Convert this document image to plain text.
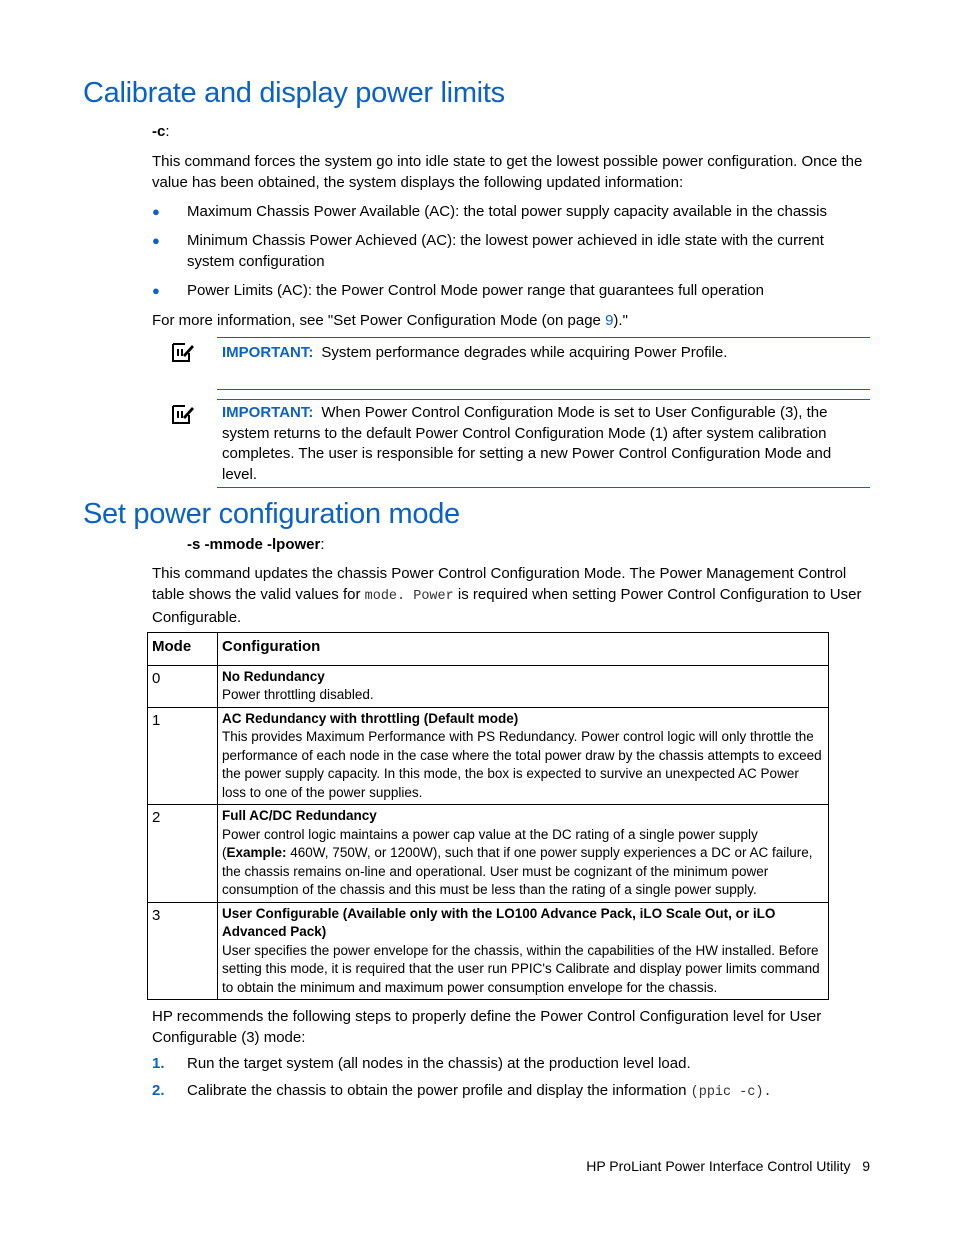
Calibrate and display power limits
-c:
This command forces the system go into idle state to get the lowest possible power configuration. Once the value has been obtained, the system displays the following updated information:
● Maximum Chassis Power Available (AC): the total power supply capacity available in the chassis
● Minimum Chassis Power Achieved (AC): the lowest power achieved in idle state with the current system configuration
● Power Limits (AC): the Power Control Mode power range that guarantees full operation
For more information, see "Set Power Configuration Mode (on page 9)."
IMPORTANT: System performance degrades while acquiring Power Profile.
IMPORTANT: When Power Control Configuration Mode is set to User Configurable (3), the system returns to the default Power Control Configuration Mode (1) after system calibration completes. The user is responsible for setting a new Power Control Configuration Mode and level.
Set power configuration mode
-s -mmode -lpower:
This command updates the chassis Power Control Configuration Mode. The Power Management Control table shows the valid values for mode. Power is required when setting Power Control Configuration to User Configurable.
Mode	Configuration
0	No Redundancy
Power throttling disabled.

1	AC Redundancy with throttling (Default mode)
This provides Maximum Performance with PS Redundancy. Power control logic will only throttle the performance of each node in the case where the total power draw by the chassis attempts to exceed the power supply capacity. In this mode, the box is expected to survive an unexpected AC Power loss to one of the power supplies.

2	Full AC/DC Redundancy
Power control logic maintains a power cap value at the DC rating of a single power supply (Example: 460W, 750W, or 1200W), such that if one power supply experiences a DC or AC failure, the chassis remains on-line and operational. User must be cognizant of the minimum power consumption of the chassis and this must be less than the rating of a single power supply.

3	User Configurable (Available only with the LO100 Advance Pack, iLO Scale Out, or iLO Advanced Pack)
User specifies the power envelope for the chassis, within the capabilities of the HW installed. Before setting this mode, it is required that the user run PPIC's Calibrate and display power limits command to obtain the minimum and maximum power consumption envelope for the chassis.
HP recommends the following steps to properly define the Power Control Configuration level for User Configurable (3) mode:
1. Run the target system (all nodes in the chassis) at the production level load.
2. Calibrate the chassis to obtain the power profile and display the information (ppic -c).
HP ProLiant Power Interface Control Utility 9
